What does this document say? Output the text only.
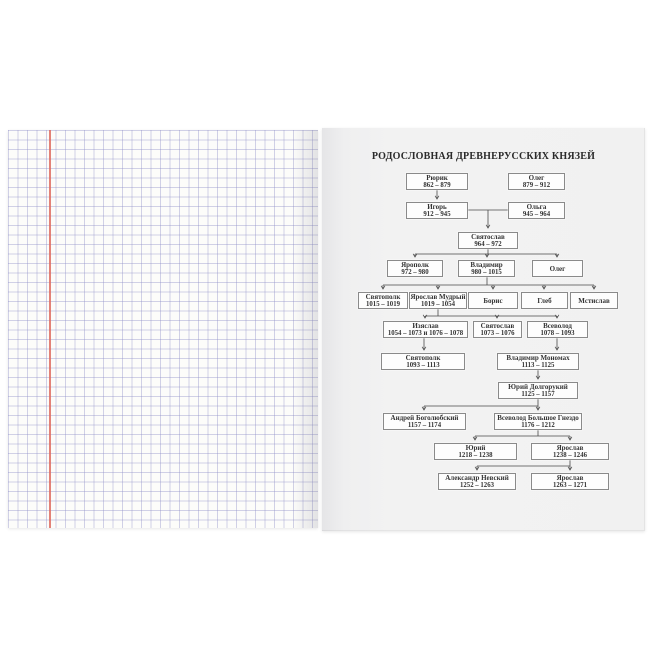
РОДОСЛОВНАЯ ДРЕВНЕРУССКИХ КНЯЗЕЙ
Рюрик
862 – 879
Олег
879 – 912
Игорь
912 – 945
Ольга
945 – 964
Святослав
964 – 972
Ярополк
972 – 980
Владимир
980 – 1015	Олег
Святополк
1015 – 1019
Ярослав Мудрый
1019 – 1054	Борис	Глеб	Мстислав
Изяслав
1054 – 1073 и 1076 – 1078
Святослав
1073 – 1076
Всеволод
1078 – 1093
Святополк
1093 – 1113
Владимир Мономах
1113 – 1125
Юрий Долгорукий
1125 – 1157
Андрей Боголюбский
1157 – 1174
Всеволод Большое Гнездо
1176 – 1212
Юрий
1218 – 1238
Ярослав
1238 – 1246
Александр Невский
1252 – 1263
Ярослав
1263 – 1271
